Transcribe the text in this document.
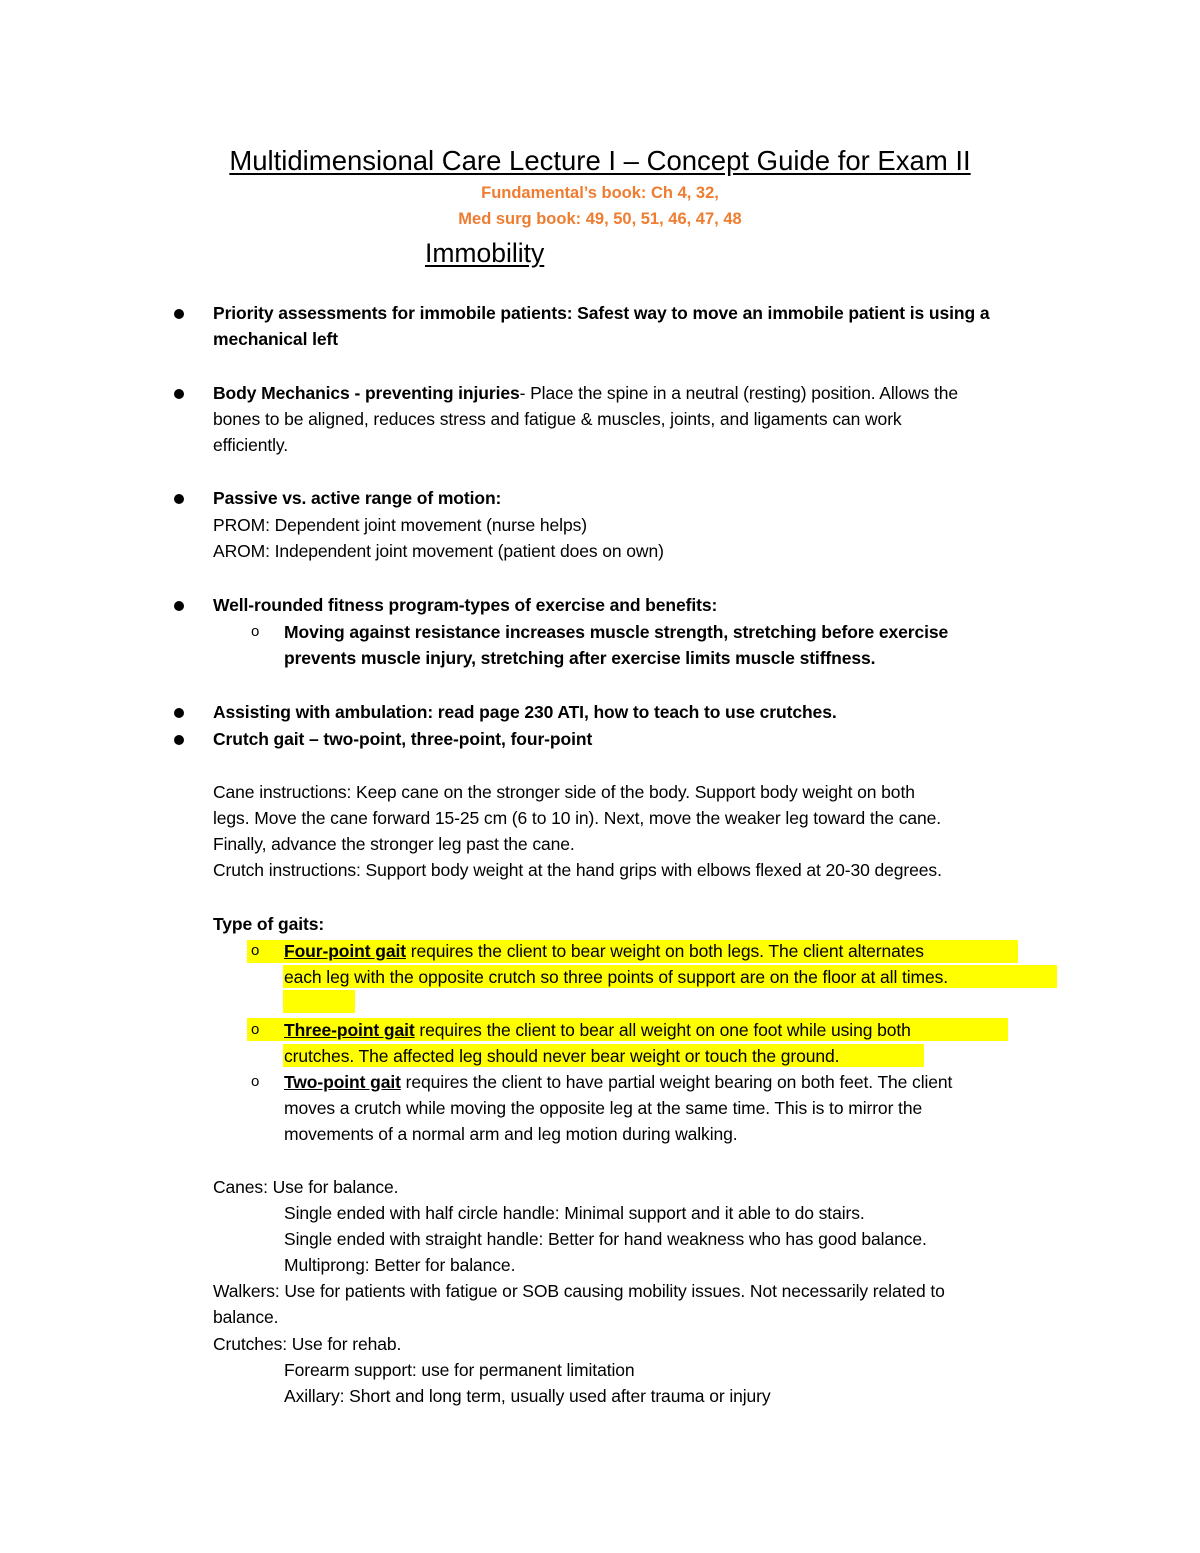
Multidimensional Care Lecture I – Concept Guide for Exam II
Fundamental’s book: Ch 4, 32,
Med surg book: 49, 50, 51, 46, 47, 48
Immobility
Priority assessments for immobile patients: Safest way to move an immobile patient is using a
mechanical left
Body Mechanics - preventing injuries- Place the spine in a neutral (resting) position. Allows the
bones to be aligned, reduces stress and fatigue & muscles, joints, and ligaments can work
efficiently.
Passive vs. active range of motion:
PROM: Dependent joint movement (nurse helps)
AROM: Independent joint movement (patient does on own)
Well-rounded fitness program-types of exercise and benefits:
o Moving against resistance increases muscle strength, stretching before exercise
prevents muscle injury, stretching after exercise limits muscle stiffness.
Assisting with ambulation: read page 230 ATI, how to teach to use crutches.
Crutch gait – two-point, three-point, four-point
Cane instructions: Keep cane on the stronger side of the body. Support body weight on both
legs. Move the cane forward 15-25 cm (6 to 10 in). Next, move the weaker leg toward the cane.
Finally, advance the stronger leg past the cane.
Crutch instructions: Support body weight at the hand grips with elbows flexed at 20-30 degrees.
Type of gaits:
o Four-point gait requires the client to bear weight on both legs. The client alternates
each leg with the opposite crutch so three points of support are on the floor at all times.
o Three-point gait requires the client to bear all weight on one foot while using both
crutches. The affected leg should never bear weight or touch the ground.
o Two-point gait requires the client to have partial weight bearing on both feet. The client
moves a crutch while moving the opposite leg at the same time. This is to mirror the
movements of a normal arm and leg motion during walking.
Canes: Use for balance.
Single ended with half circle handle: Minimal support and it able to do stairs.
Single ended with straight handle: Better for hand weakness who has good balance.
Multiprong: Better for balance.
Walkers: Use for patients with fatigue or SOB causing mobility issues. Not necessarily related to
balance.
Crutches: Use for rehab.
Forearm support: use for permanent limitation
Axillary: Short and long term, usually used after trauma or injury
